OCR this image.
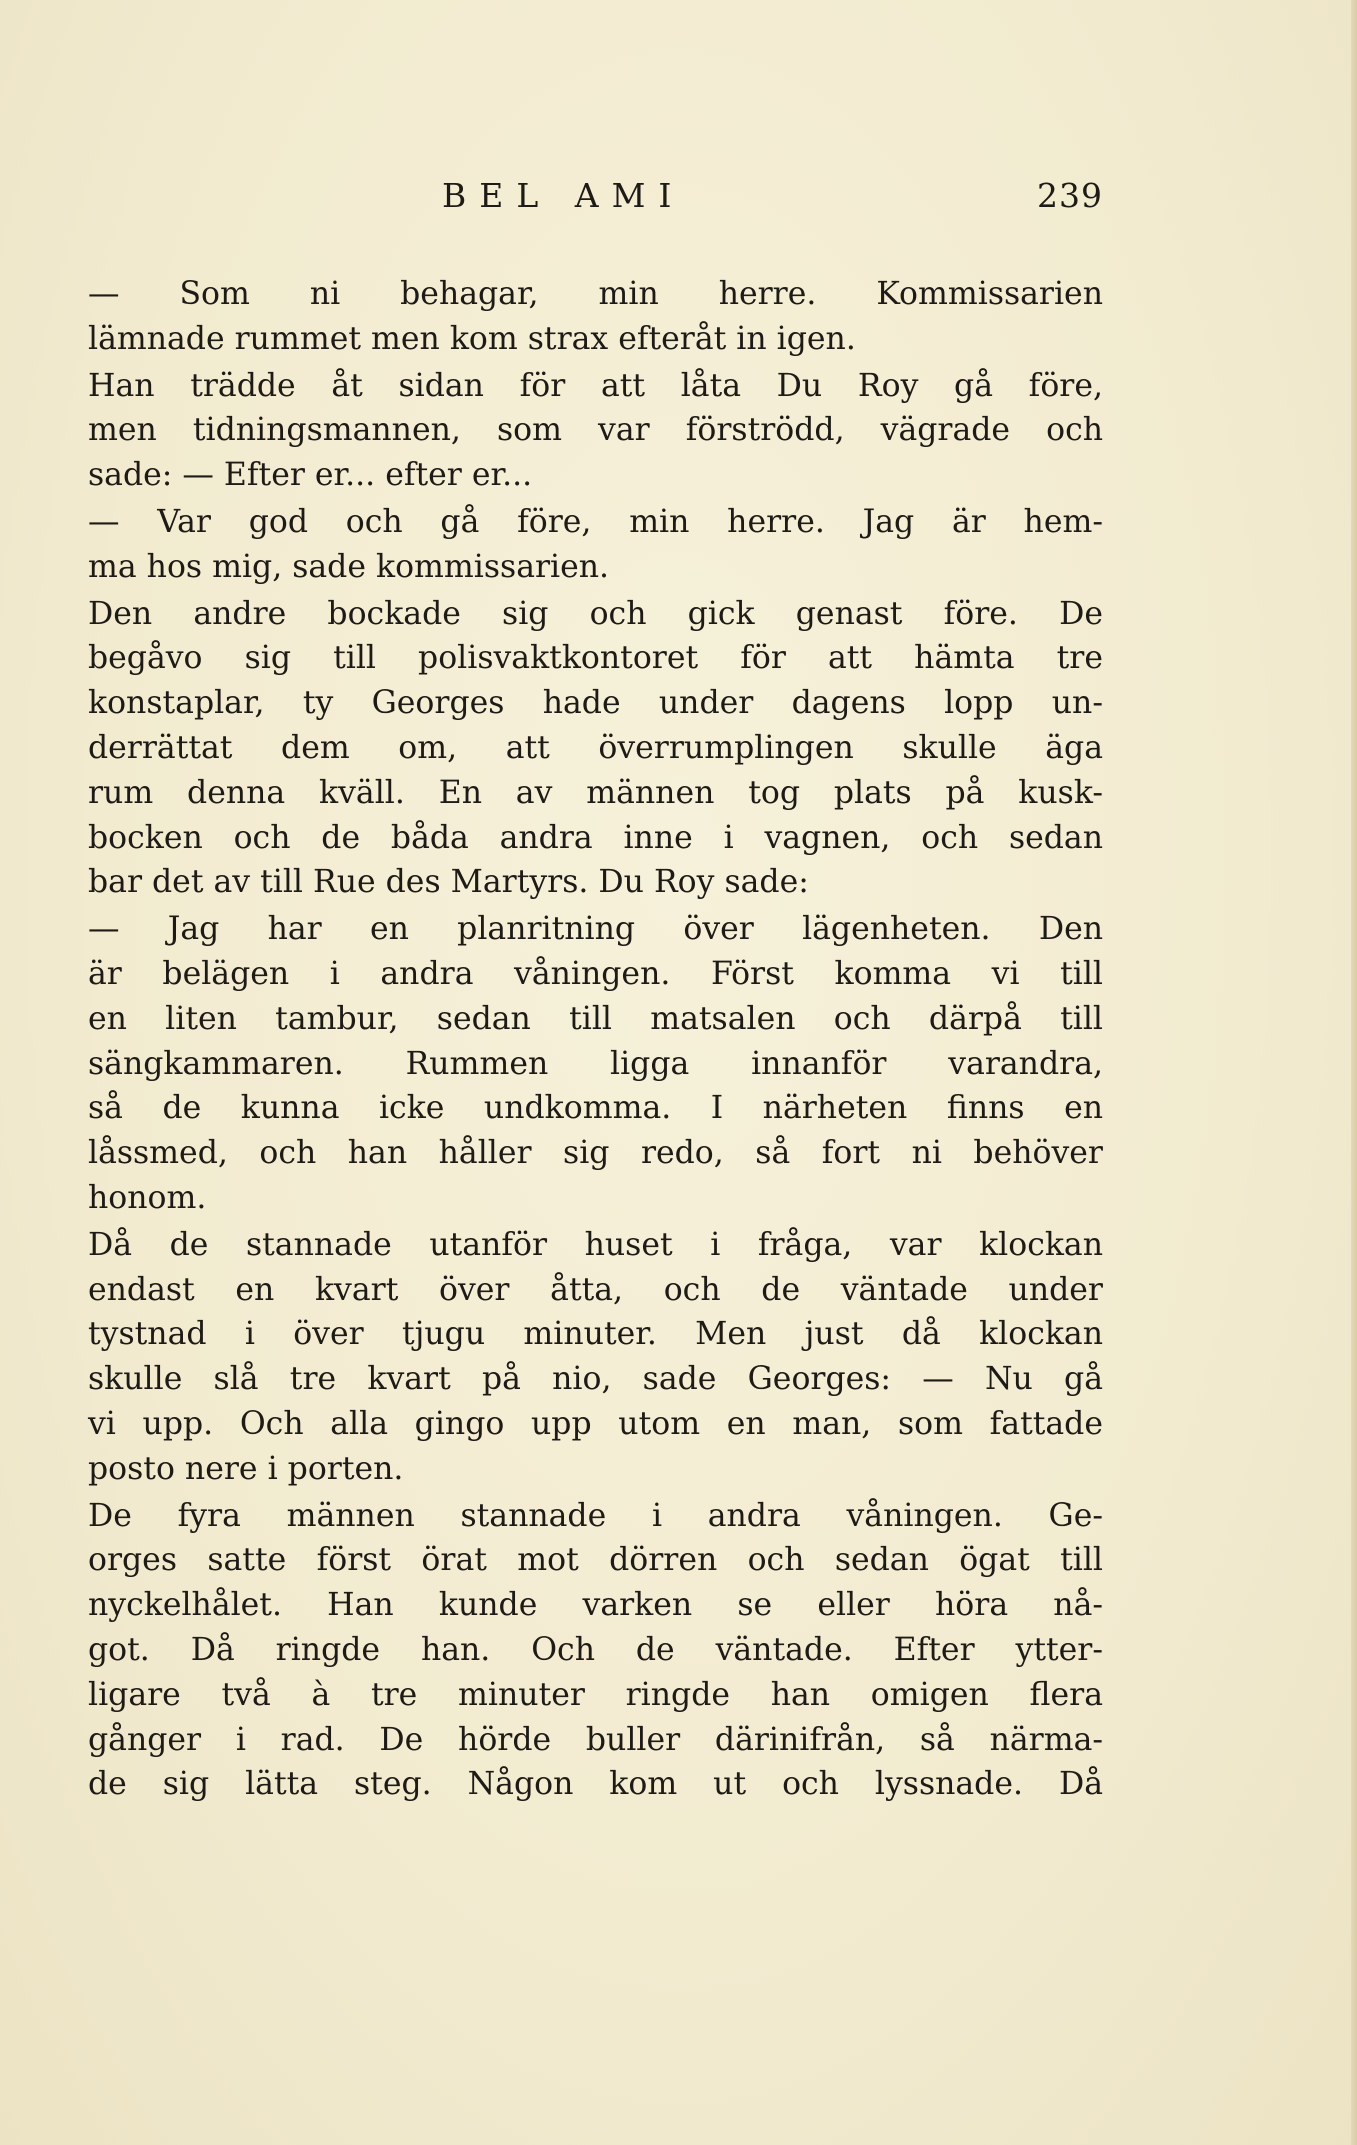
BEL AMI	239
— Som ni behagar, min herre. Kommissarien
lämnade rummet men kom strax efteråt in igen.
Han trädde åt sidan för att låta Du Roy gå före,
men tidningsmannen, som var förströdd, vägrade och
sade: — Efter er... efter er...
— Var god och gå före, min herre. Jag är hem-
ma hos mig, sade kommissarien.
Den andre bockade sig och gick genast före. De
begåvo sig till polisvaktkontoret för att hämta tre
konstaplar, ty Georges hade under dagens lopp un-
derrättat dem om, att överrumplingen skulle äga
rum denna kväll. En av männen tog plats på kusk-
bocken och de båda andra inne i vagnen, och sedan
bar det av till Rue des Martyrs. Du Roy sade:
— Jag har en planritning över lägenheten. Den
är belägen i andra våningen. Först komma vi till
en liten tambur, sedan till matsalen och därpå till
sängkammaren. Rummen ligga innanför varandra,
så de kunna icke undkomma. I närheten finns en
låssmed, och han håller sig redo, så fort ni behöver
honom.
Då de stannade utanför huset i fråga, var klockan
endast en kvart över åtta, och de väntade under
tystnad i över tjugu minuter. Men just då klockan
skulle slå tre kvart på nio, sade Georges: — Nu gå
vi upp. Och alla gingo upp utom en man, som fattade
posto nere i porten.
De fyra männen stannade i andra våningen. Ge-
orges satte först örat mot dörren och sedan ögat till
nyckelhålet. Han kunde varken se eller höra nå-
got. Då ringde han. Och de väntade. Efter ytter-
ligare två à tre minuter ringde han omigen flera
gånger i rad. De hörde buller därinifrån, så närma-
de sig lätta steg. Någon kom ut och lyssnade. Då
